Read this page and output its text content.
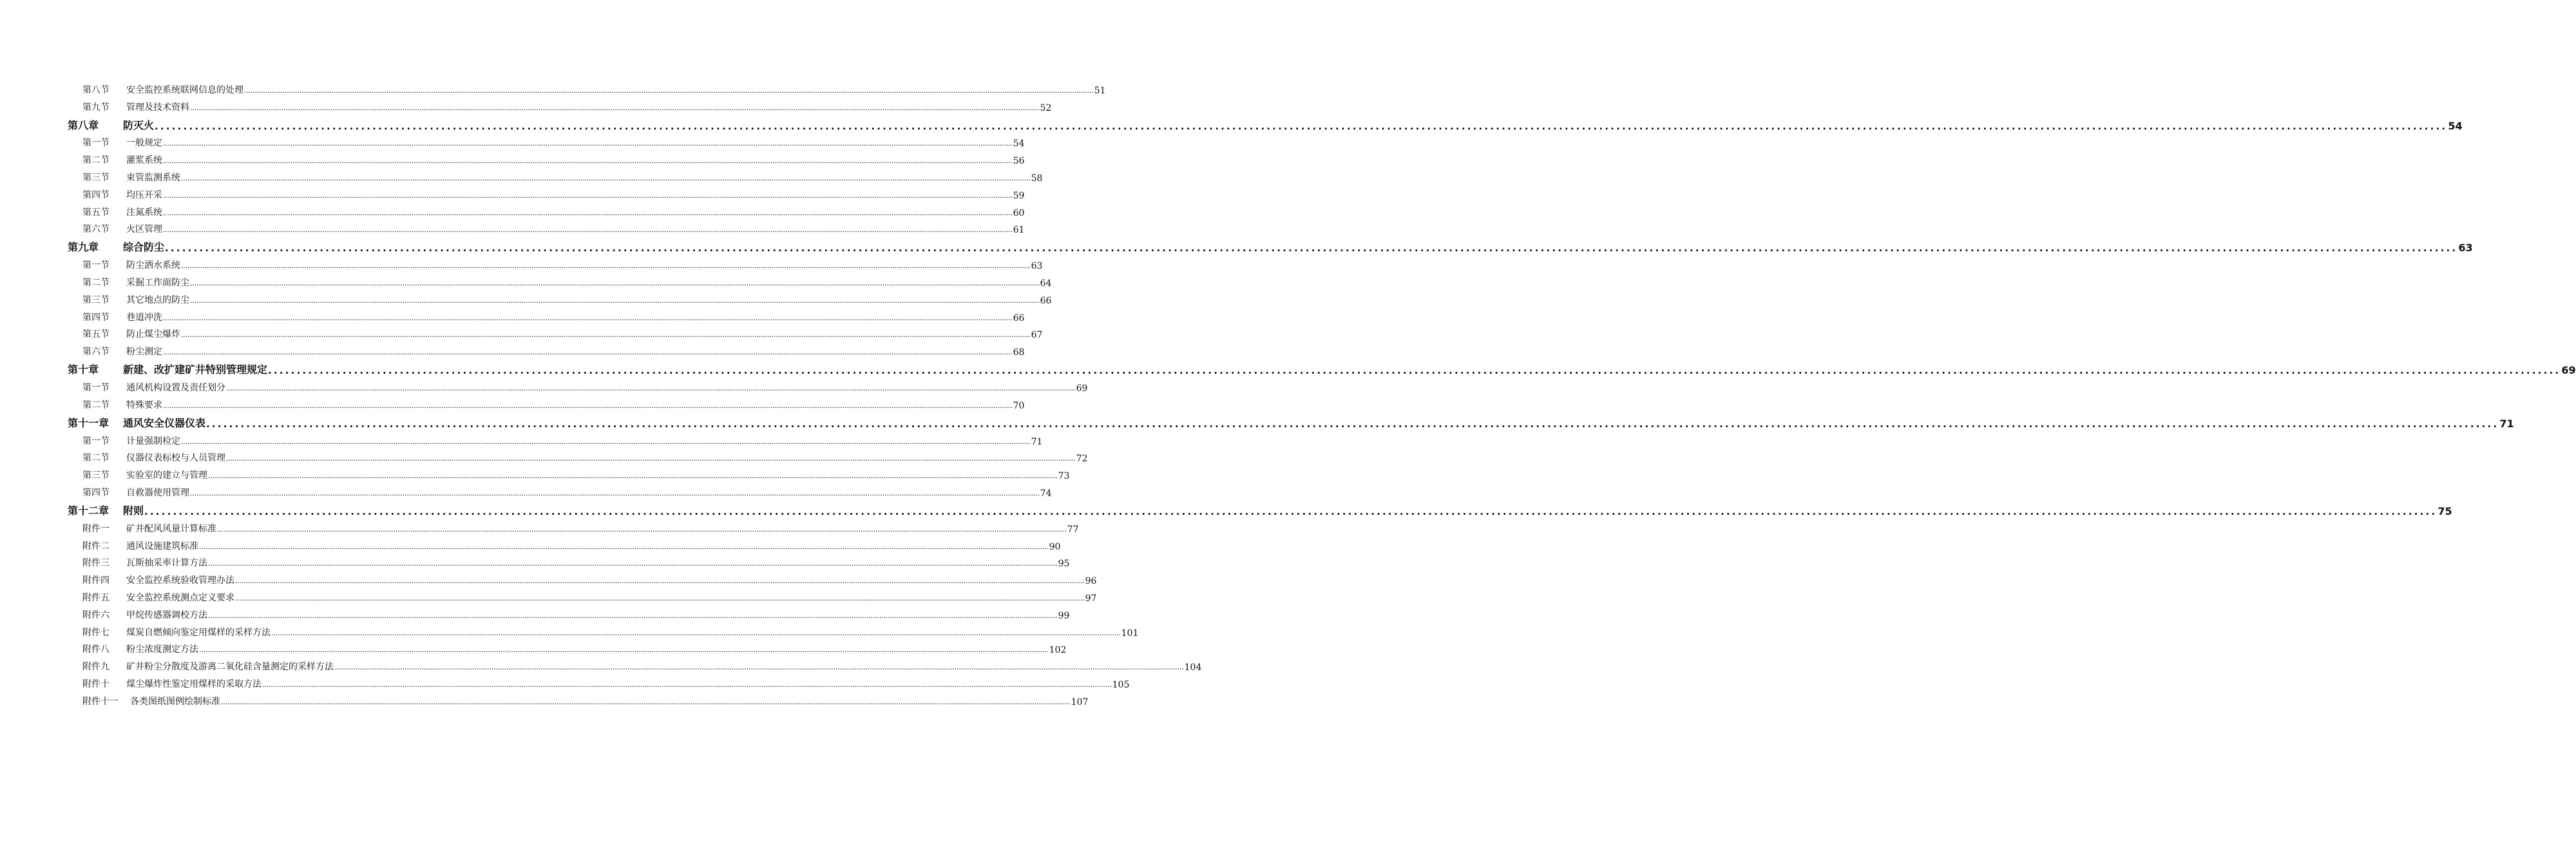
第八节	安全监控系统联网信息的处理 ................................................................................................................................................................................................................................................................................................................................................................................................................ 51
第九节	管理及技术资料 ................................................................................................................................................................................................................................................................................................................................................................................................................ 52
第八章	防灭火 ................................................................................................................................................................................................................................................................................................................................................................................................................ 54
第一节	一般规定 ................................................................................................................................................................................................................................................................................................................................................................................................................ 54
第二节	灌浆系统 ................................................................................................................................................................................................................................................................................................................................................................................................................ 56
第三节	束管监测系统 ................................................................................................................................................................................................................................................................................................................................................................................................................ 58
第四节	均压开采 ................................................................................................................................................................................................................................................................................................................................................................................................................ 59
第五节	注氮系统 ................................................................................................................................................................................................................................................................................................................................................................................................................ 60
第六节	火区管理 ................................................................................................................................................................................................................................................................................................................................................................................................................ 61
第九章	综合防尘 ................................................................................................................................................................................................................................................................................................................................................................................................................ 63
第一节	防尘洒水系统 ................................................................................................................................................................................................................................................................................................................................................................................................................ 63
第二节	采掘工作面防尘 ................................................................................................................................................................................................................................................................................................................................................................................................................ 64
第三节	其它地点的防尘 ................................................................................................................................................................................................................................................................................................................................................................................................................ 66
第四节	巷道冲洗 ................................................................................................................................................................................................................................................................................................................................................................................................................ 66
第五节	防止煤尘爆炸 ................................................................................................................................................................................................................................................................................................................................................................................................................ 67
第六节	粉尘测定 ................................................................................................................................................................................................................................................................................................................................................................................................................ 68
第十章	新建、改扩建矿井特别管理规定 ................................................................................................................................................................................................................................................................................................................................................................................................................ 69
第一节	通风机构设置及责任划分 ................................................................................................................................................................................................................................................................................................................................................................................................................ 69
第二节	特殊要求 ................................................................................................................................................................................................................................................................................................................................................................................................................ 70
第十一章	通风安全仪器仪表 ................................................................................................................................................................................................................................................................................................................................................................................................................ 71
第一节	计量强制检定 ................................................................................................................................................................................................................................................................................................................................................................................................................ 71
第二节	仪器仪表标校与人员管理 ................................................................................................................................................................................................................................................................................................................................................................................................................ 72
第三节	实验室的建立与管理 ................................................................................................................................................................................................................................................................................................................................................................................................................ 73
第四节	自救器使用管理 ................................................................................................................................................................................................................................................................................................................................................................................................................ 74
第十二章	附则 ................................................................................................................................................................................................................................................................................................................................................................................................................ 75
附件一	矿井配风风量计算标准 ................................................................................................................................................................................................................................................................................................................................................................................................................ 77
附件二	通风设施建筑标准 ................................................................................................................................................................................................................................................................................................................................................................................................................ 90
附件三	瓦斯抽采率计算方法 ................................................................................................................................................................................................................................................................................................................................................................................................................ 95
附件四	安全监控系统验收管理办法 ................................................................................................................................................................................................................................................................................................................................................................................................................ 96
附件五	安全监控系统测点定义要求 ................................................................................................................................................................................................................................................................................................................................................................................................................ 97
附件六	甲烷传感器调校方法 ................................................................................................................................................................................................................................................................................................................................................................................................................ 99
附件七	煤炭自燃倾向鉴定用煤样的采样方法 ................................................................................................................................................................................................................................................................................................................................................................................................................ 101
附件八	粉尘浓度测定方法 ................................................................................................................................................................................................................................................................................................................................................................................................................ 102
附件九	矿井粉尘分散度及游离二氧化硅含量测定的采样方法 ................................................................................................................................................................................................................................................................................................................................................................................................................ 104
附件十	煤尘爆炸性鉴定用煤样的采取方法 ................................................................................................................................................................................................................................................................................................................................................................................................................ 105
附件十一	各类图纸图例绘制标准 ................................................................................................................................................................................................................................................................................................................................................................................................................ 107
